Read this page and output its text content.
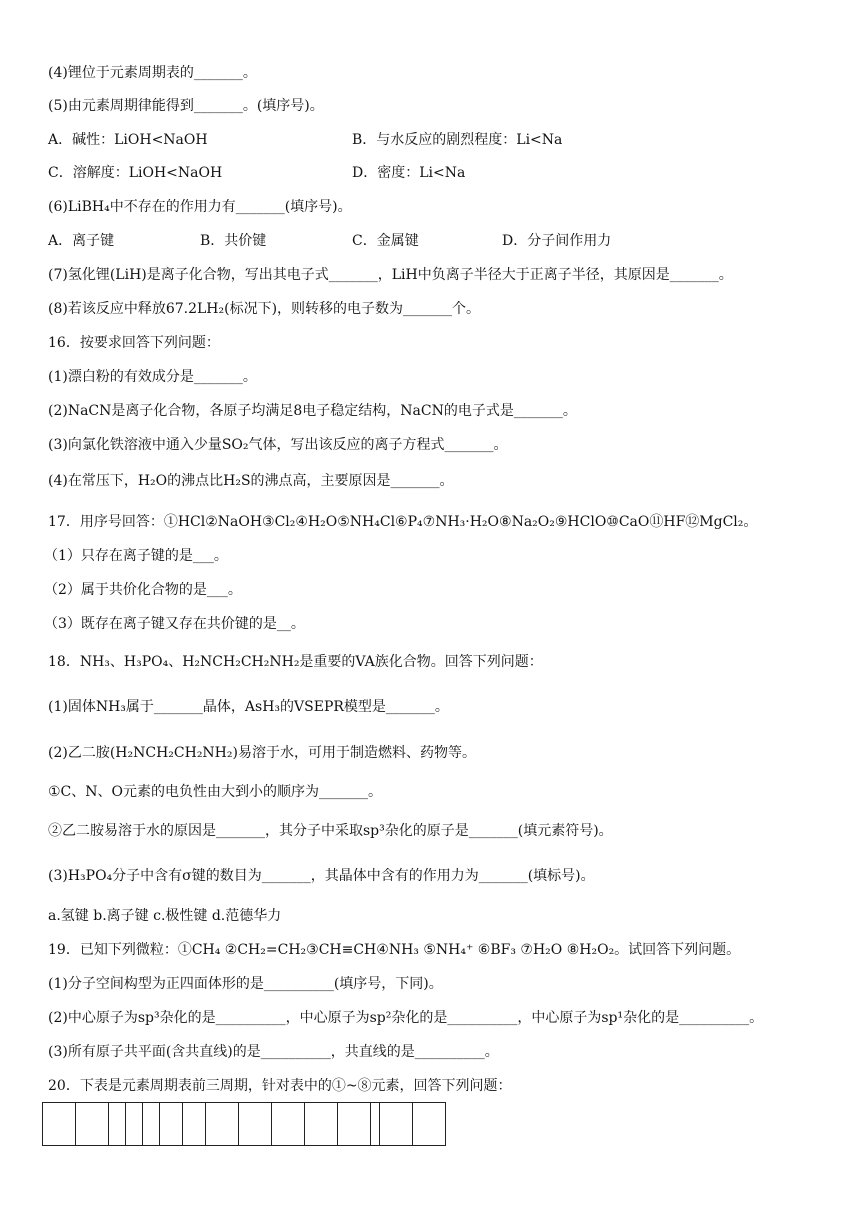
(4)锂位于元素周期表的_______。
(5)由元素周期律能得到_______。(填序号)。
A．碱性：LiOH<NaOH	B．与水反应的剧烈程度：Li<Na
C．溶解度：LiOH<NaOH	D．密度：Li<Na
(6)LiBH₄中不存在的作用力有_______(填序号)。
A．离子键	B．共价键	C．金属键	D．分子间作用力
(7)氢化锂(LiH)是离子化合物，写出其电子式_______，LiH中负离子半径大于正离子半径，其原因是_______。
(8)若该反应中释放67.2LH₂(标况下)，则转移的电子数为_______个。
16．按要求回答下列问题：
(1)漂白粉的有效成分是_______。
(2)NaCN是离子化合物，各原子均满足8电子稳定结构，NaCN的电子式是_______。
(3)向氯化铁溶液中通入少量SO₂气体，写出该反应的离子方程式_______。
(4)在常压下，H₂O的沸点比H₂S的沸点高，主要原因是_______。
17．用序号回答：①HCl②NaOH③Cl₂④H₂O⑤NH₄Cl⑥P₄⑦NH₃·H₂O⑧Na₂O₂⑨HClO⑩CaO⑪HF⑫MgCl₂。
（1）只存在离子键的是___。
（2）属于共价化合物的是___。
（3）既存在离子键又存在共价键的是__。
18．NH₃、H₃PO₄、H₂NCH₂CH₂NH₂是重要的VA族化合物。回答下列问题：
(1)固体NH₃属于_______晶体，AsH₃的VSEPR模型是_______。
(2)乙二胺(H₂NCH₂CH₂NH₂)易溶于水，可用于制造燃料、药物等。
①C、N、O元素的电负性由大到小的顺序为_______。
②乙二胺易溶于水的原因是_______，其分子中采取sp³杂化的原子是_______(填元素符号)。
(3)H₃PO₄分子中含有σ键的数目为_______，其晶体中含有的作用力为_______(填标号)。
a.氢键 b.离子键 c.极性键 d.范德华力
19．已知下列微粒：①CH₄ ②CH₂=CH₂③CH≡CH④NH₃ ⑤NH₄⁺ ⑥BF₃ ⑦H₂O ⑧H₂O₂。试回答下列问题。
(1)分子空间构型为正四面体形的是__________(填序号，下同)。
(2)中心原子为sp³杂化的是__________，中心原子为sp²杂化的是__________，中心原子为sp¹杂化的是__________。
(3)所有原子共平面(含共直线)的是__________，共直线的是__________。
20．下表是元素周期表前三周期，针对表中的①~⑧元素，回答下列问题：
